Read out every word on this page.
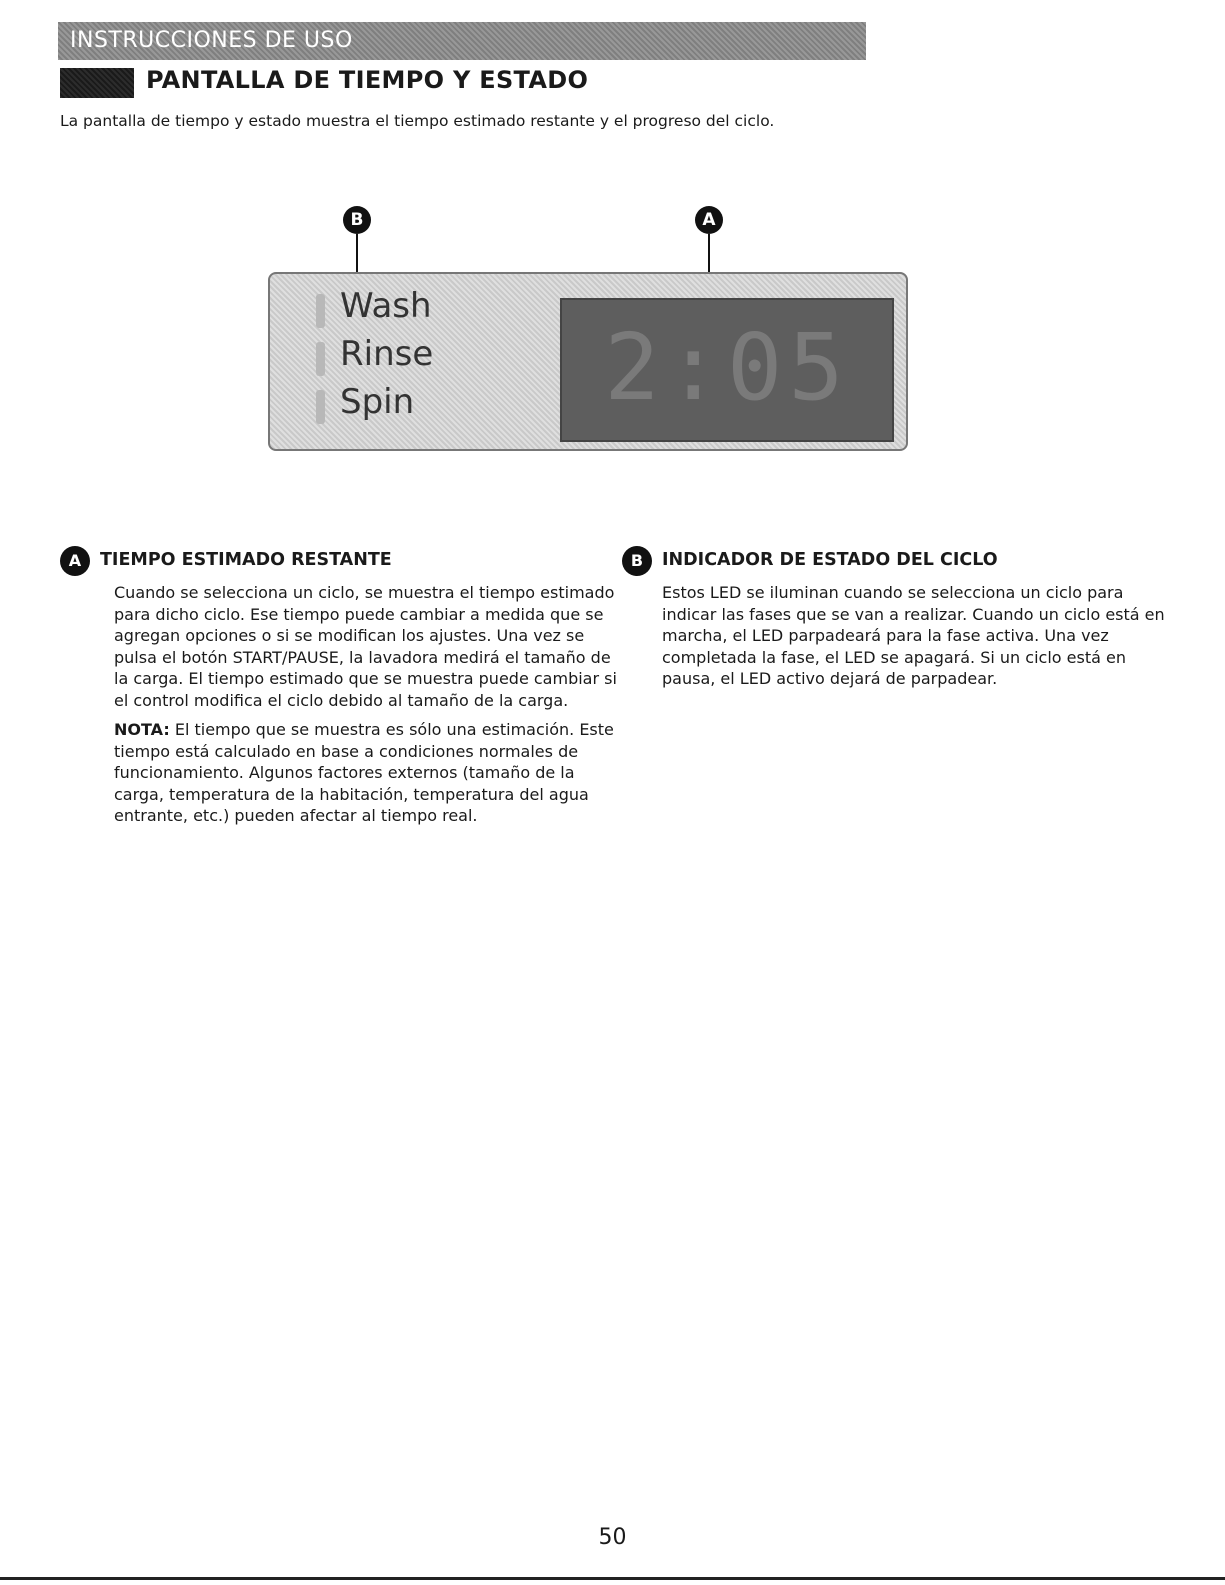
INSTRUCCIONES DE USO
PANTALLA DE TIEMPO Y ESTADO

La pantalla de tiempo y estado muestra el tiempo estimado restante y el progreso del ciclo.

B	A
Wash
Rinse
Spin	2:05
A	TIEMPO ESTIMADO RESTANTE

Cuando se selecciona un ciclo, se muestra el tiempo estimado para dicho ciclo. Ese tiempo puede cambiar a medida que se agregan opciones o si se modifican los ajustes. Una vez se pulsa el botón START/PAUSE, la lavadora medirá el tamaño de la carga. El tiempo estimado que se muestra puede cambiar si el control modifica el ciclo debido al tamaño de la carga.

NOTA: El tiempo que se muestra es sólo una estimación. Este tiempo está calculado en base a condiciones normales de funcionamiento. Algunos factores externos (tamaño de la carga, temperatura de la habitación, temperatura del agua entrante, etc.) pueden afectar al tiempo real.

B	INDICADOR DE ESTADO DEL CICLO

Estos LED se iluminan cuando se selecciona un ciclo para indicar las fases que se van a realizar. Cuando un ciclo está en marcha, el LED parpadeará para la fase activa. Una vez completada la fase, el LED se apagará. Si un ciclo está en pausa, el LED activo dejará de parpadear.

50
